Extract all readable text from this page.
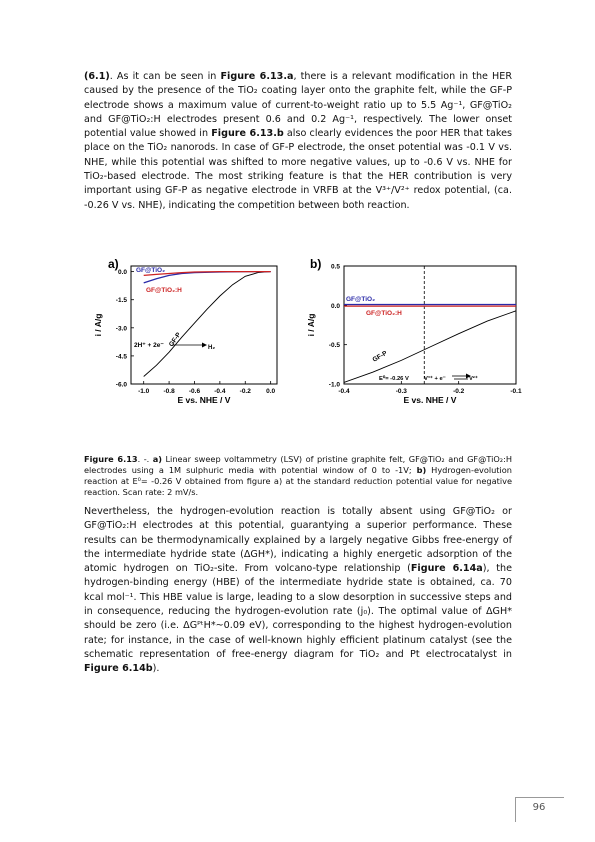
(6.1). As it can be seen in Figure 6.13.a, there is a relevant modification in the HER caused by the presence of the TiO₂ coating layer onto the graphite felt, while the GF-P electrode shows a maximum value of current-to-weight ratio up to 5.5 Ag⁻¹, GF@TiO₂ and GF@TiO₂:H electrodes present 0.6 and 0.2 Ag⁻¹, respectively. The lower onset potential value showed in Figure 6.13.b also clearly evidences the poor HER that takes place on the TiO₂ nanorods. In case of GF-P electrode, the onset potential was -0.1 V vs. NHE, while this potential was shifted to more negative values, up to -0.6 V vs. NHE for TiO₂-based electrode. The most striking feature is that the HER contribution is very important using GF-P as negative electrode in VRFB at the V³⁺/V²⁺ redox potential, (ca. -0.26 V vs. NHE), indicating the competition between both reaction.
a)
-1.0 -0.8 -0.6 -0.4 -0.2 0.0
0.0
-1.5
-3.0
-4.5
-6.0
E vs. NHE / V
i / A/g
b)
-0.4	-0.3	-0.2	-0.1
0.5
0.0
-0.5
-1.0
E vs. NHE / V
i / A/g
GF@TiO₂
GF@TiO₂:H
GF-P
2H⁺ + 2e⁻	H₂
GF@TiO₂
GF@TiO₂:H
GF-P
E⁰= -0.26 V	V³⁺ + e⁻	V²⁺
Figure 6.13. -. a) Linear sweep voltammetry (LSV) of pristine graphite felt, GF@TiO₂ and GF@TiO₂:H electrodes using a 1M sulphuric media with potential window of 0 to -1V; b) Hydrogen-evolution reaction at E⁰= -0.26 V obtained from figure a) at the standard reduction potential value for negative reaction. Scan rate: 2 mV/s.
Nevertheless, the hydrogen-evolution reaction is totally absent using GF@TiO₂ or GF@TiO₂:H electrodes at this potential, guarantying a superior performance. These results can be thermodynamically explained by a largely negative Gibbs free-energy of the intermediate hydride state (ΔGH*), indicating a highly energetic adsorption of the atomic hydrogen on TiO₂-site. From volcano-type relationship (Figure 6.14a), the hydrogen-binding energy (HBE) of the intermediate hydride state is obtained, ca. 70 kcal mol⁻¹. This HBE value is large, leading to a slow desorption in successive steps and in consequence, reducing the hydrogen-evolution rate (j₀). The optimal value of ΔGH* should be zero (i.e. ΔGᴾᵗH*~0.09 eV), corresponding to the highest hydrogen-evolution rate; for instance, in the case of well-known highly efficient platinum catalyst (see the schematic representation of free-energy diagram for TiO₂ and Pt electrocatalyst in Figure 6.14b).
96
